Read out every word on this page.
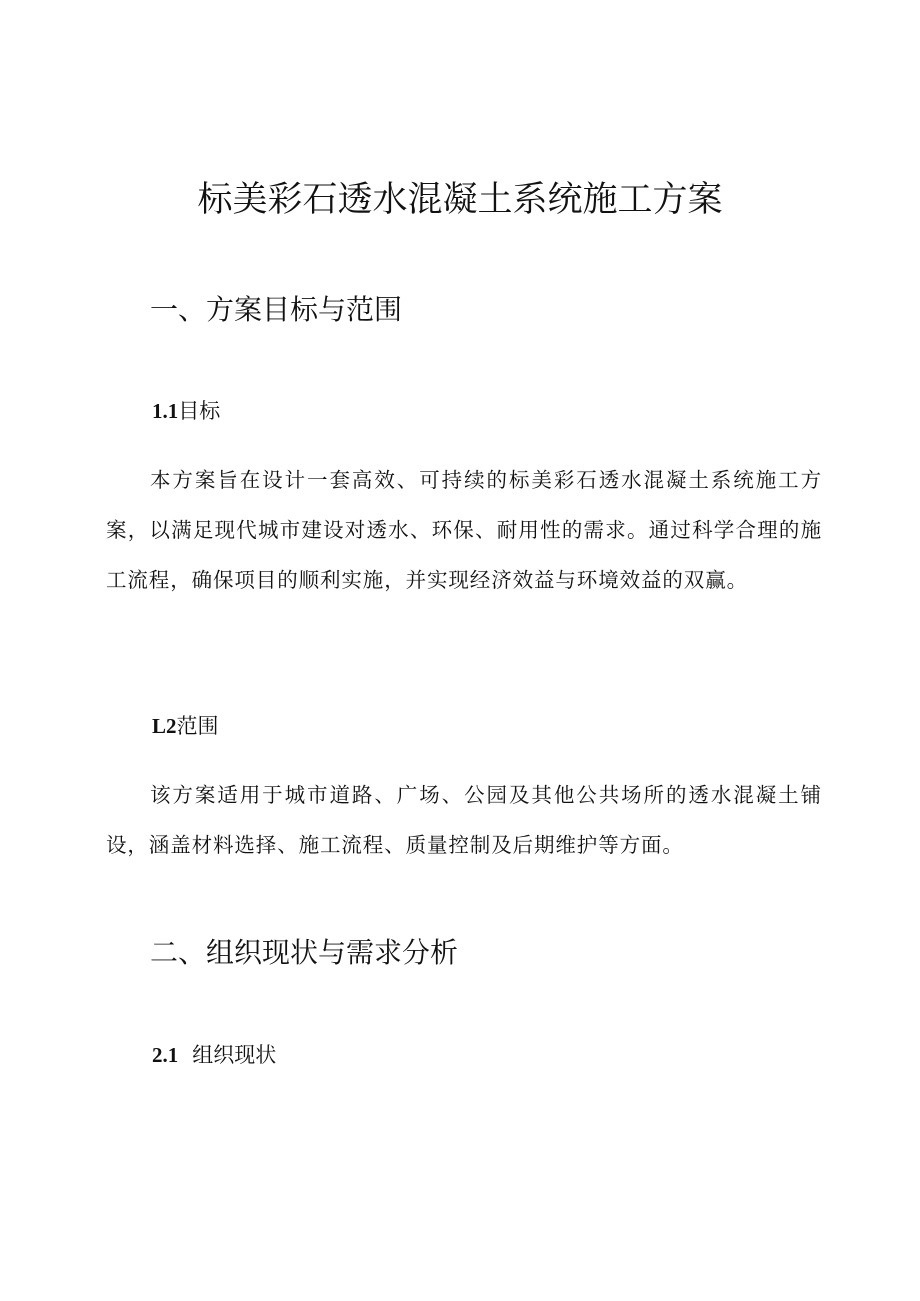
标美彩石透水混凝土系统施工方案
一、方案目标与范围
1.1目标

本方案旨在设计一套高效、可持续的标美彩石透水混凝土系统施工方案，以满足现代城市建设对透水、环保、耐用性的需求。通过科学合理的施工流程，确保项目的顺利实施，并实现经济效益与环境效益的双赢。

L2范围

该方案适用于城市道路、广场、公园及其他公共场所的透水混凝土铺设，涵盖材料选择、施工流程、质量控制及后期维护等方面。

二、组织现状与需求分析
2.1 组织现状
